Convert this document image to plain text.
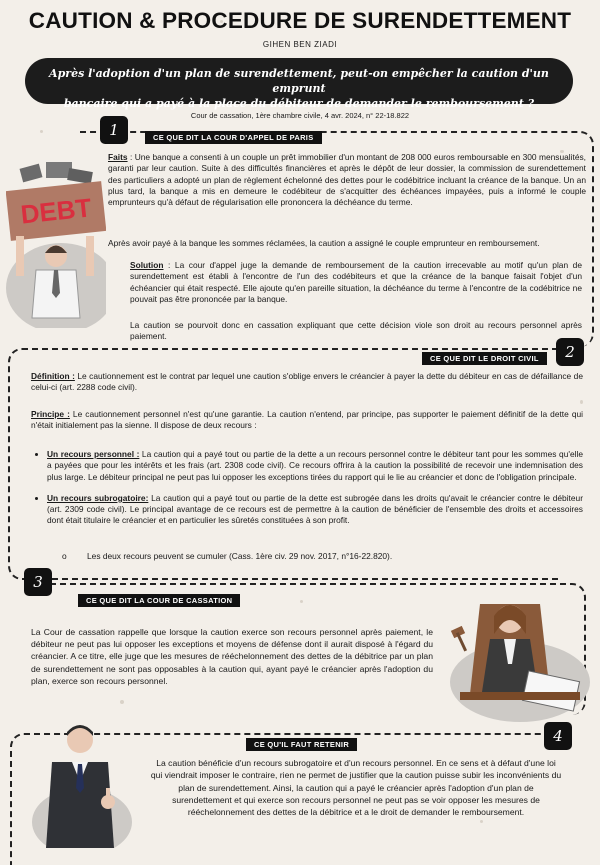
CAUTION & PROCEDURE DE SURENDETTEMENT
GIHEN BEN ZIADI
Après l'adoption d'un plan de surendettement, peut-on empêcher la caution d'un emprunt
bancaire qui a payé à la place du débiteur de demander le remboursement ?
Cour de cassation, 1ère chambre civile, 4 avr. 2024, n° 22-18.822
1	CE QUE DIT LA COUR D'APPEL DE PARIS
DEBT
Faits : Une banque a consenti à un couple un prêt immobilier d'un montant de 208 000 euros remboursable en 300 mensualités, garanti par leur caution. Suite à des difficultés financières et après le dépôt de leur dossier, la commission de surendettement des particuliers a adopté un plan de règlement échelonné des dettes pour le codébitrice incluant la créance de la banque. Un an plus tard, la banque a mis en demeure le codébiteur de s'acquitter des échéances impayées, puis a informé le couple emprunteurs qu'à défaut de régularisation elle prononcera la déchéance du terme.
Après avoir payé à la banque les sommes réclamées, la caution a assigné le couple emprunteur en remboursement.
Solution : La cour d'appel juge la demande de remboursement de la caution irrecevable au motif qu'un plan de surendettement est établi à l'encontre de l'un des codébiteurs et que la créance de la banque faisait l'objet d'un échéancier qui était respecté. Elle ajoute qu'en pareille situation, la déchéance du terme à l'encontre de la codébitrice ne pouvait pas être prononcée par la banque.
La caution se pourvoit donc en cassation expliquant que cette décision viole son droit au recours personnel après paiement.
2
CE QUE DIT LE DROIT CIVIL
Définition : Le cautionnement est le contrat par lequel une caution s'oblige envers le créancier à payer la dette du débiteur en cas de défaillance de celui-ci (art. 2288 code civil).
Principe : Le cautionnement personnel n'est qu'une garantie. La caution n'entend, par principe, pas supporter le paiement définitif de la dette qui n'était initialement pas la sienne. Il dispose de deux recours :
• Un recours personnel : La caution qui a payé tout ou partie de la dette a un recours personnel contre le débiteur tant pour les sommes qu'elle a payées que pour les intérêts et les frais (art. 2308 code civil). Ce recours offrira à la caution la possibilité de recevoir une indemnisation des plus large. Le débiteur principal ne peut pas lui opposer les exceptions tirées du rapport qui le lie au créancier et donc de l'obligation principale.
• Un recours subrogatoire: La caution qui a payé tout ou partie de la dette est subrogée dans les droits qu'avait le créancier contre le débiteur (art. 2309 code civil). Le principal avantage de ce recours est de permettre à la caution de bénéficier de l'ensemble des droits et accessoires dont était titulaire le créancier et en particulier les sûretés constituées à son profit.
o Les deux recours peuvent se cumuler (Cass. 1ère civ. 29 nov. 2017, n°16-22.820).
3
CE QUE DIT LA COUR DE CASSATION
La Cour de cassation rappelle que lorsque la caution exerce son recours personnel après paiement, le débiteur ne peut pas lui opposer les exceptions et moyens de défense dont il aurait disposé à l'égard du créancier. A ce titre, elle juge que les mesures de rééchelonnement des dettes de la débitrice par un plan de surendettement ne sont pas opposables à la caution qui, ayant payé le créancier après l'adoption du plan, exerce son recours personnel.
4
CE QU'IL FAUT RETENIR
La caution bénéficie d'un recours subrogatoire et d'un recours personnel. En ce sens et à défaut d'une loi qui viendrait imposer le contraire, rien ne permet de justifier que la caution puisse subir les inconvénients du plan de surendettement. Ainsi, la caution qui a payé le créancier après l'adoption d'un plan de surendettement et qui exerce son recours personnel ne peut pas se voir opposer les mesures de rééchelonnement des dettes de la débitrice et a le droit de demander le remboursement.
